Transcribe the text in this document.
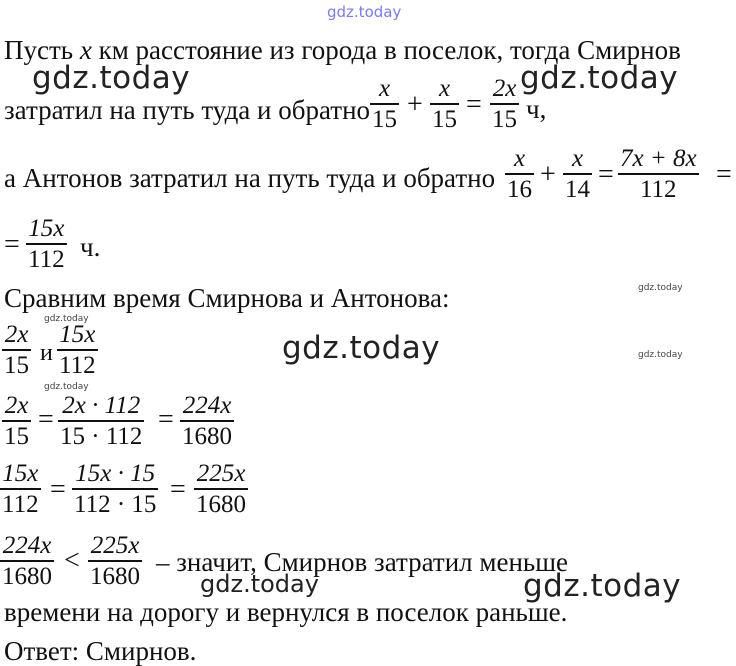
gdz.today
gdz.today	gdz.today
gdz.today
gdz.today
gdz.today
gdz.today
gdz.today
gdz.today
gdz.today
Пусть x км расстояние из города в поселок, тогда Смирнов
затратил на путь туда и обратно
x
15 +
x
15 =
2x
15 ч,
а Антонов затратил на путь туда и обратно
x
16 +
x
14 =
7x + 8x
112 =
=
15x
112 ч.
Сравним время Смирнова и Антонова:
2x
15 и
15x
112
2x
15
= 2x · 112
15 · 112
= 224x
1680
15x
112 =
15x · 15
112 · 15 =
225x
1680
224x
1680
< 225x
1680 – значит, Смирнов затратил меньше
времени на дорогу и вернулся в поселок раньше.
Ответ: Смирнов.
